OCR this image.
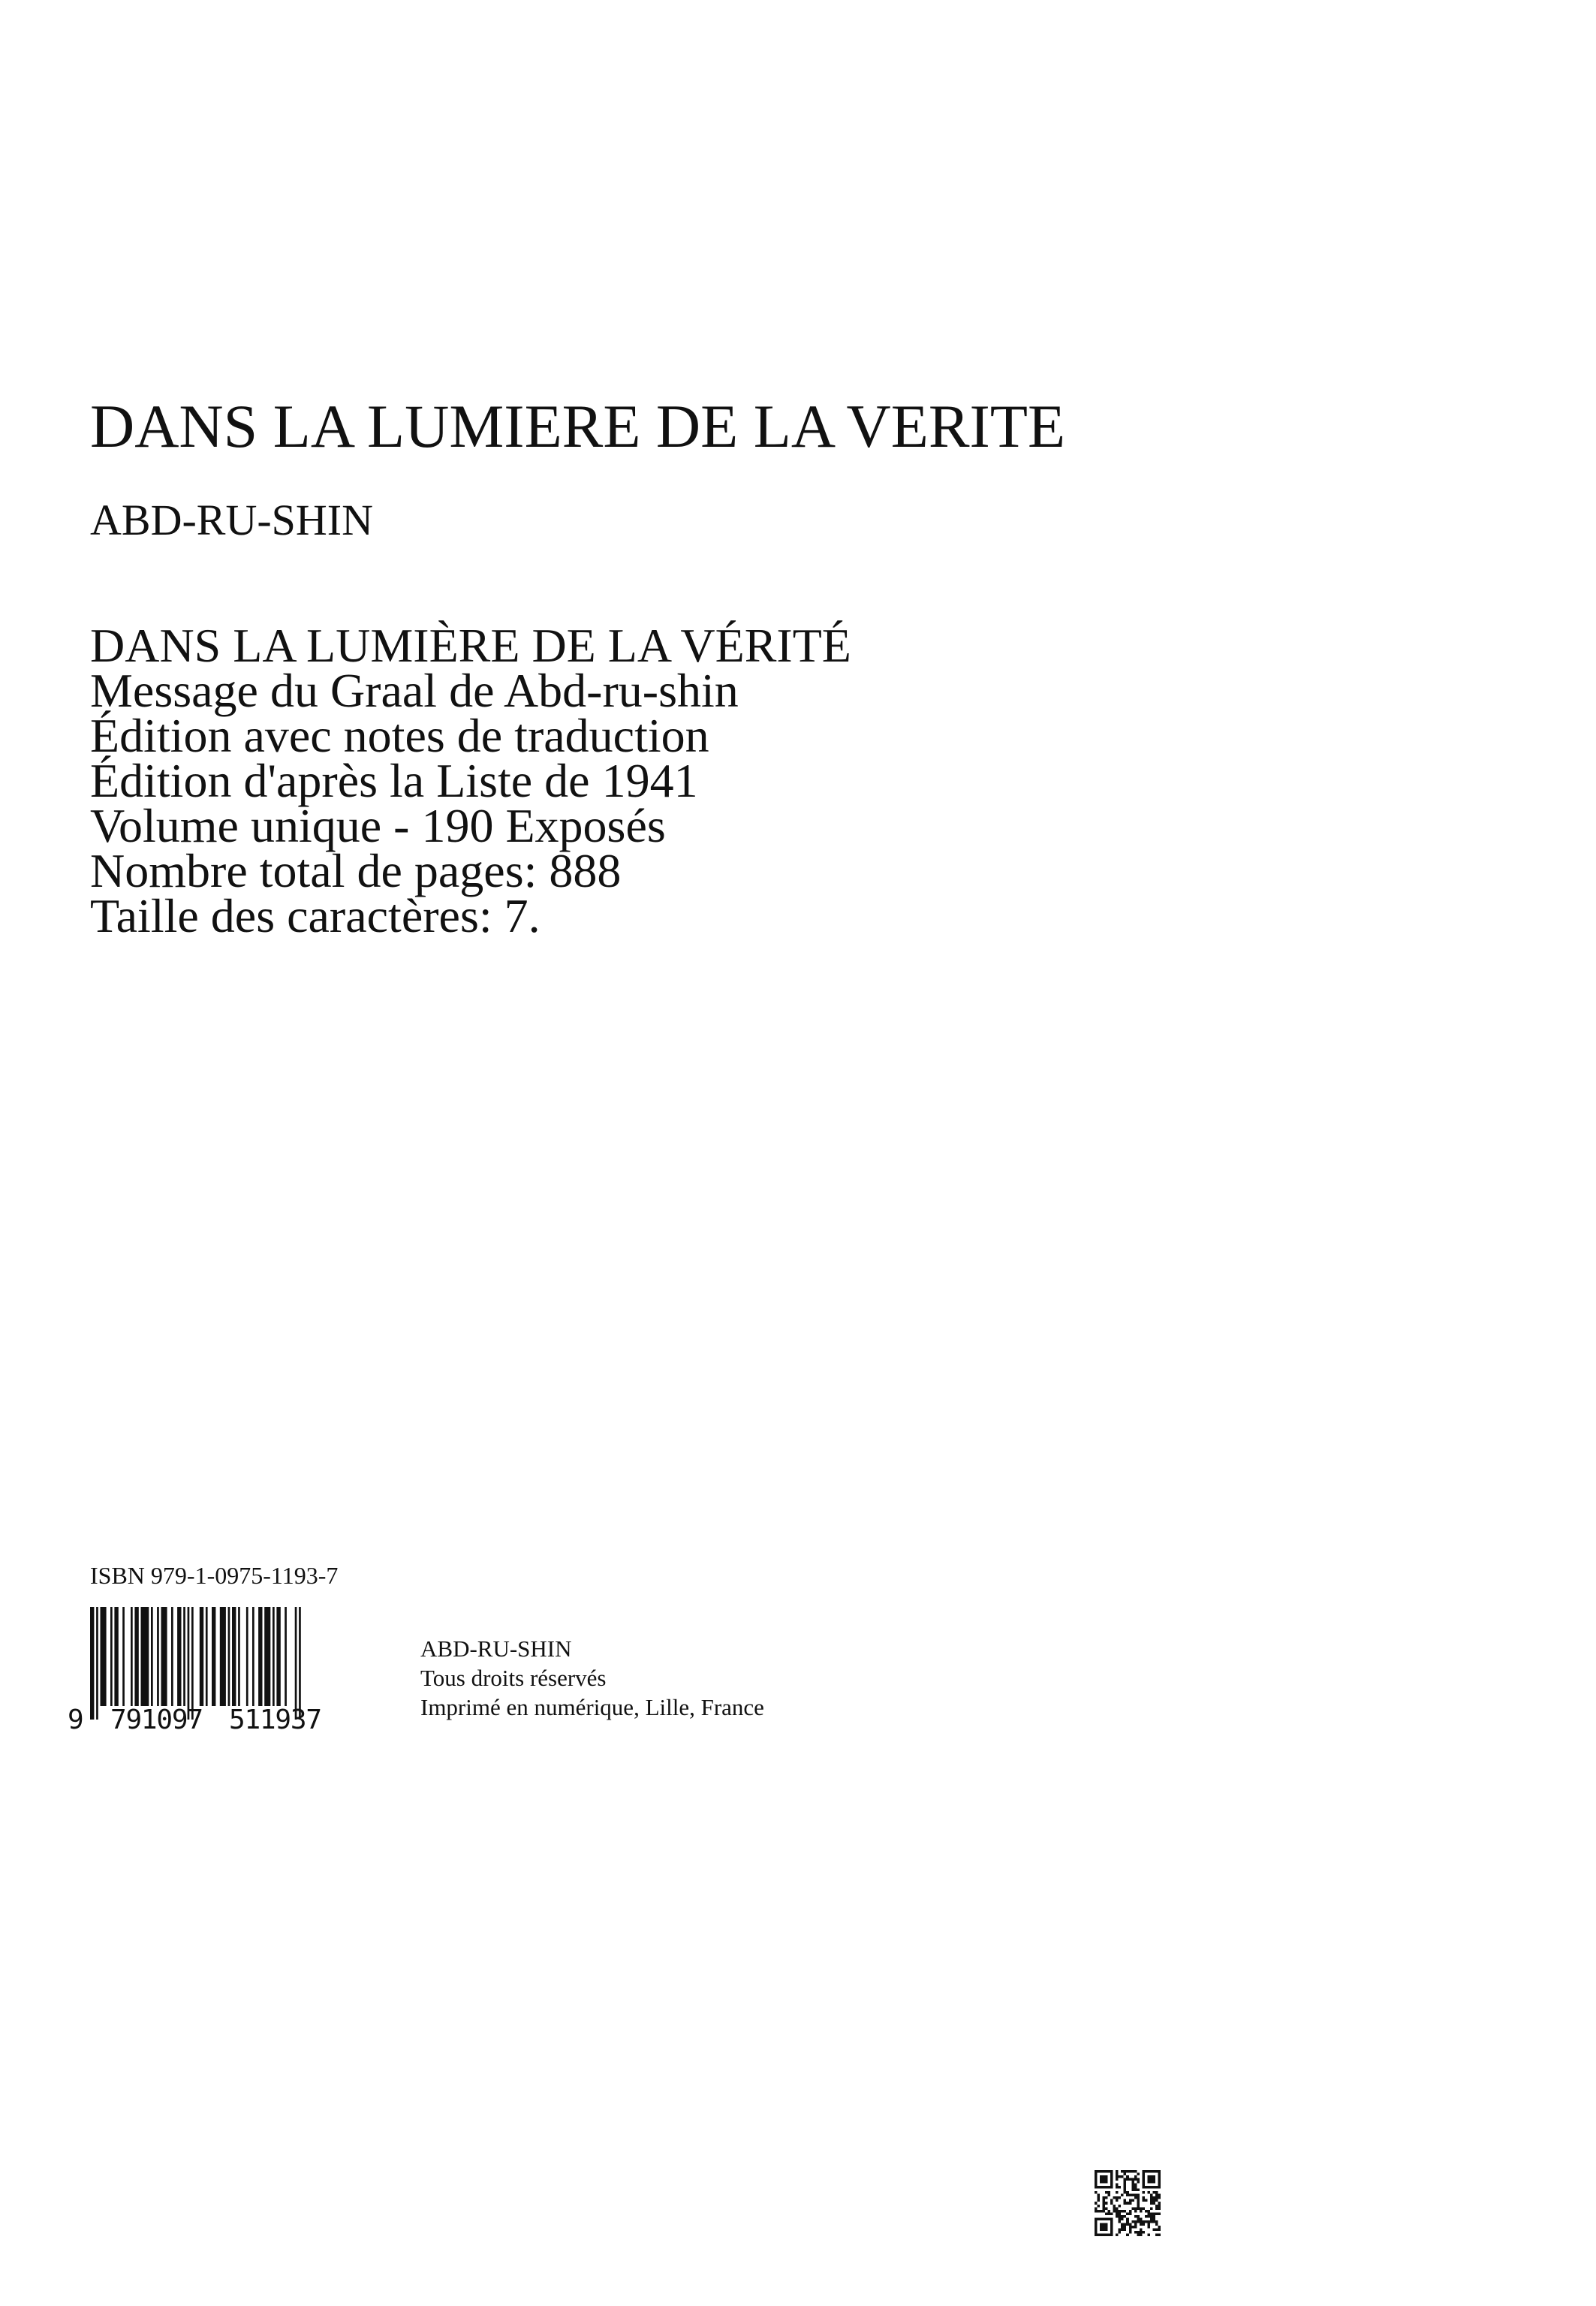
DANS LA LUMIERE DE LA VERITE
ABD-RU-SHIN
DANS LA LUMIÈRE DE LA VÉRITÉ
Message du Graal de Abd-ru-shin
Édition avec notes de traduction
Édition d'après la Liste de 1941
Volume unique - 190 Exposés
Nombre total de pages: 888
Taille des caractères: 7.
ISBN 979-1-0975-1193-7
9 791097 511937
ABD-RU-SHIN
Tous droits réservés
Imprimé en numérique, Lille, France
